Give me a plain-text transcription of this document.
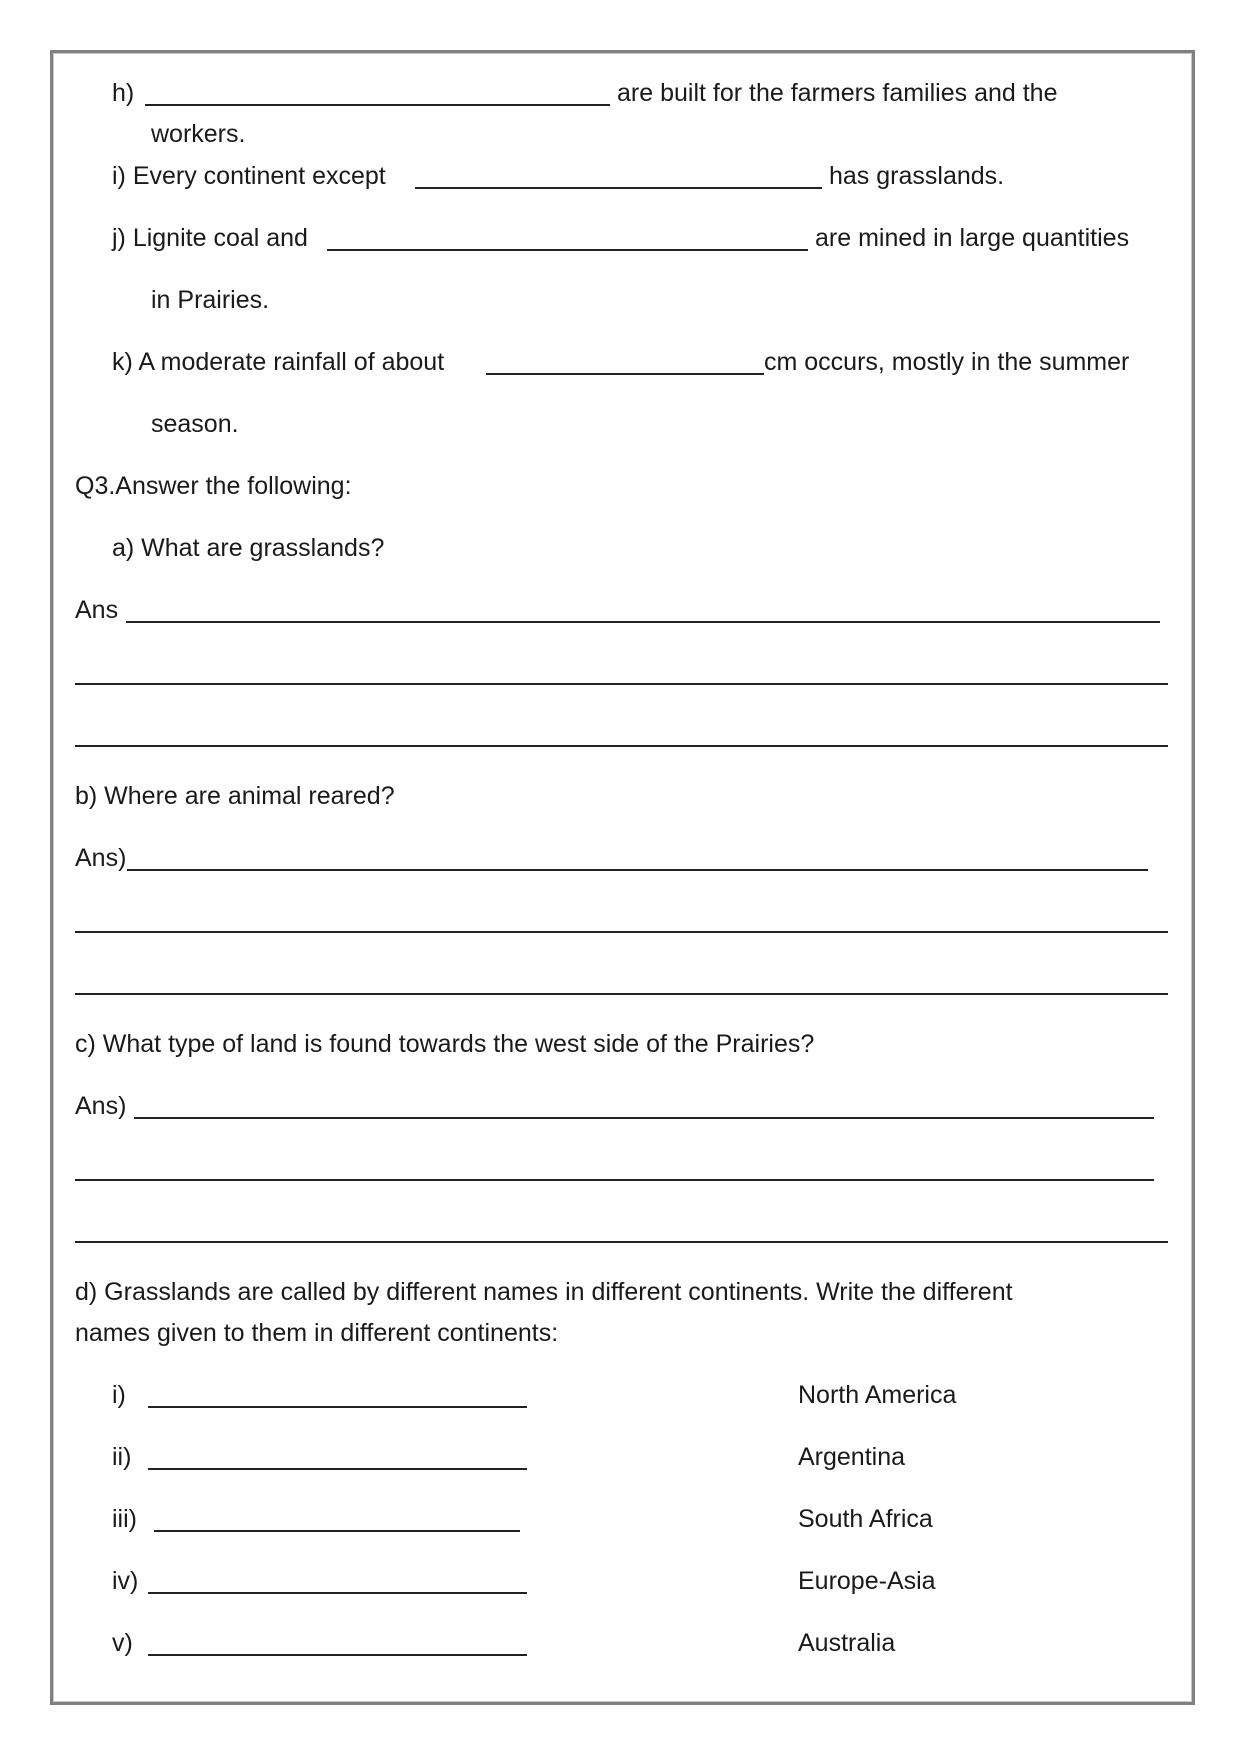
h)	are built for the farmers families and the
workers.
i) Every continent except	has grasslands.
j) Lignite coal and	are mined in large quantities
in Prairies.
k) A moderate rainfall of about	cm occurs, mostly in the summer
season.
Q3.Answer the following:
a) What are grasslands?
Ans
b) Where are animal reared?
Ans)
c) What type of land is found towards the west side of the Prairies?
Ans)
d) Grasslands are called by different names in different continents. Write the different
names given to them in different continents:
i)	North America
ii)	Argentina
iii)	South Africa
iv)	Europe-Asia
v)	Australia
